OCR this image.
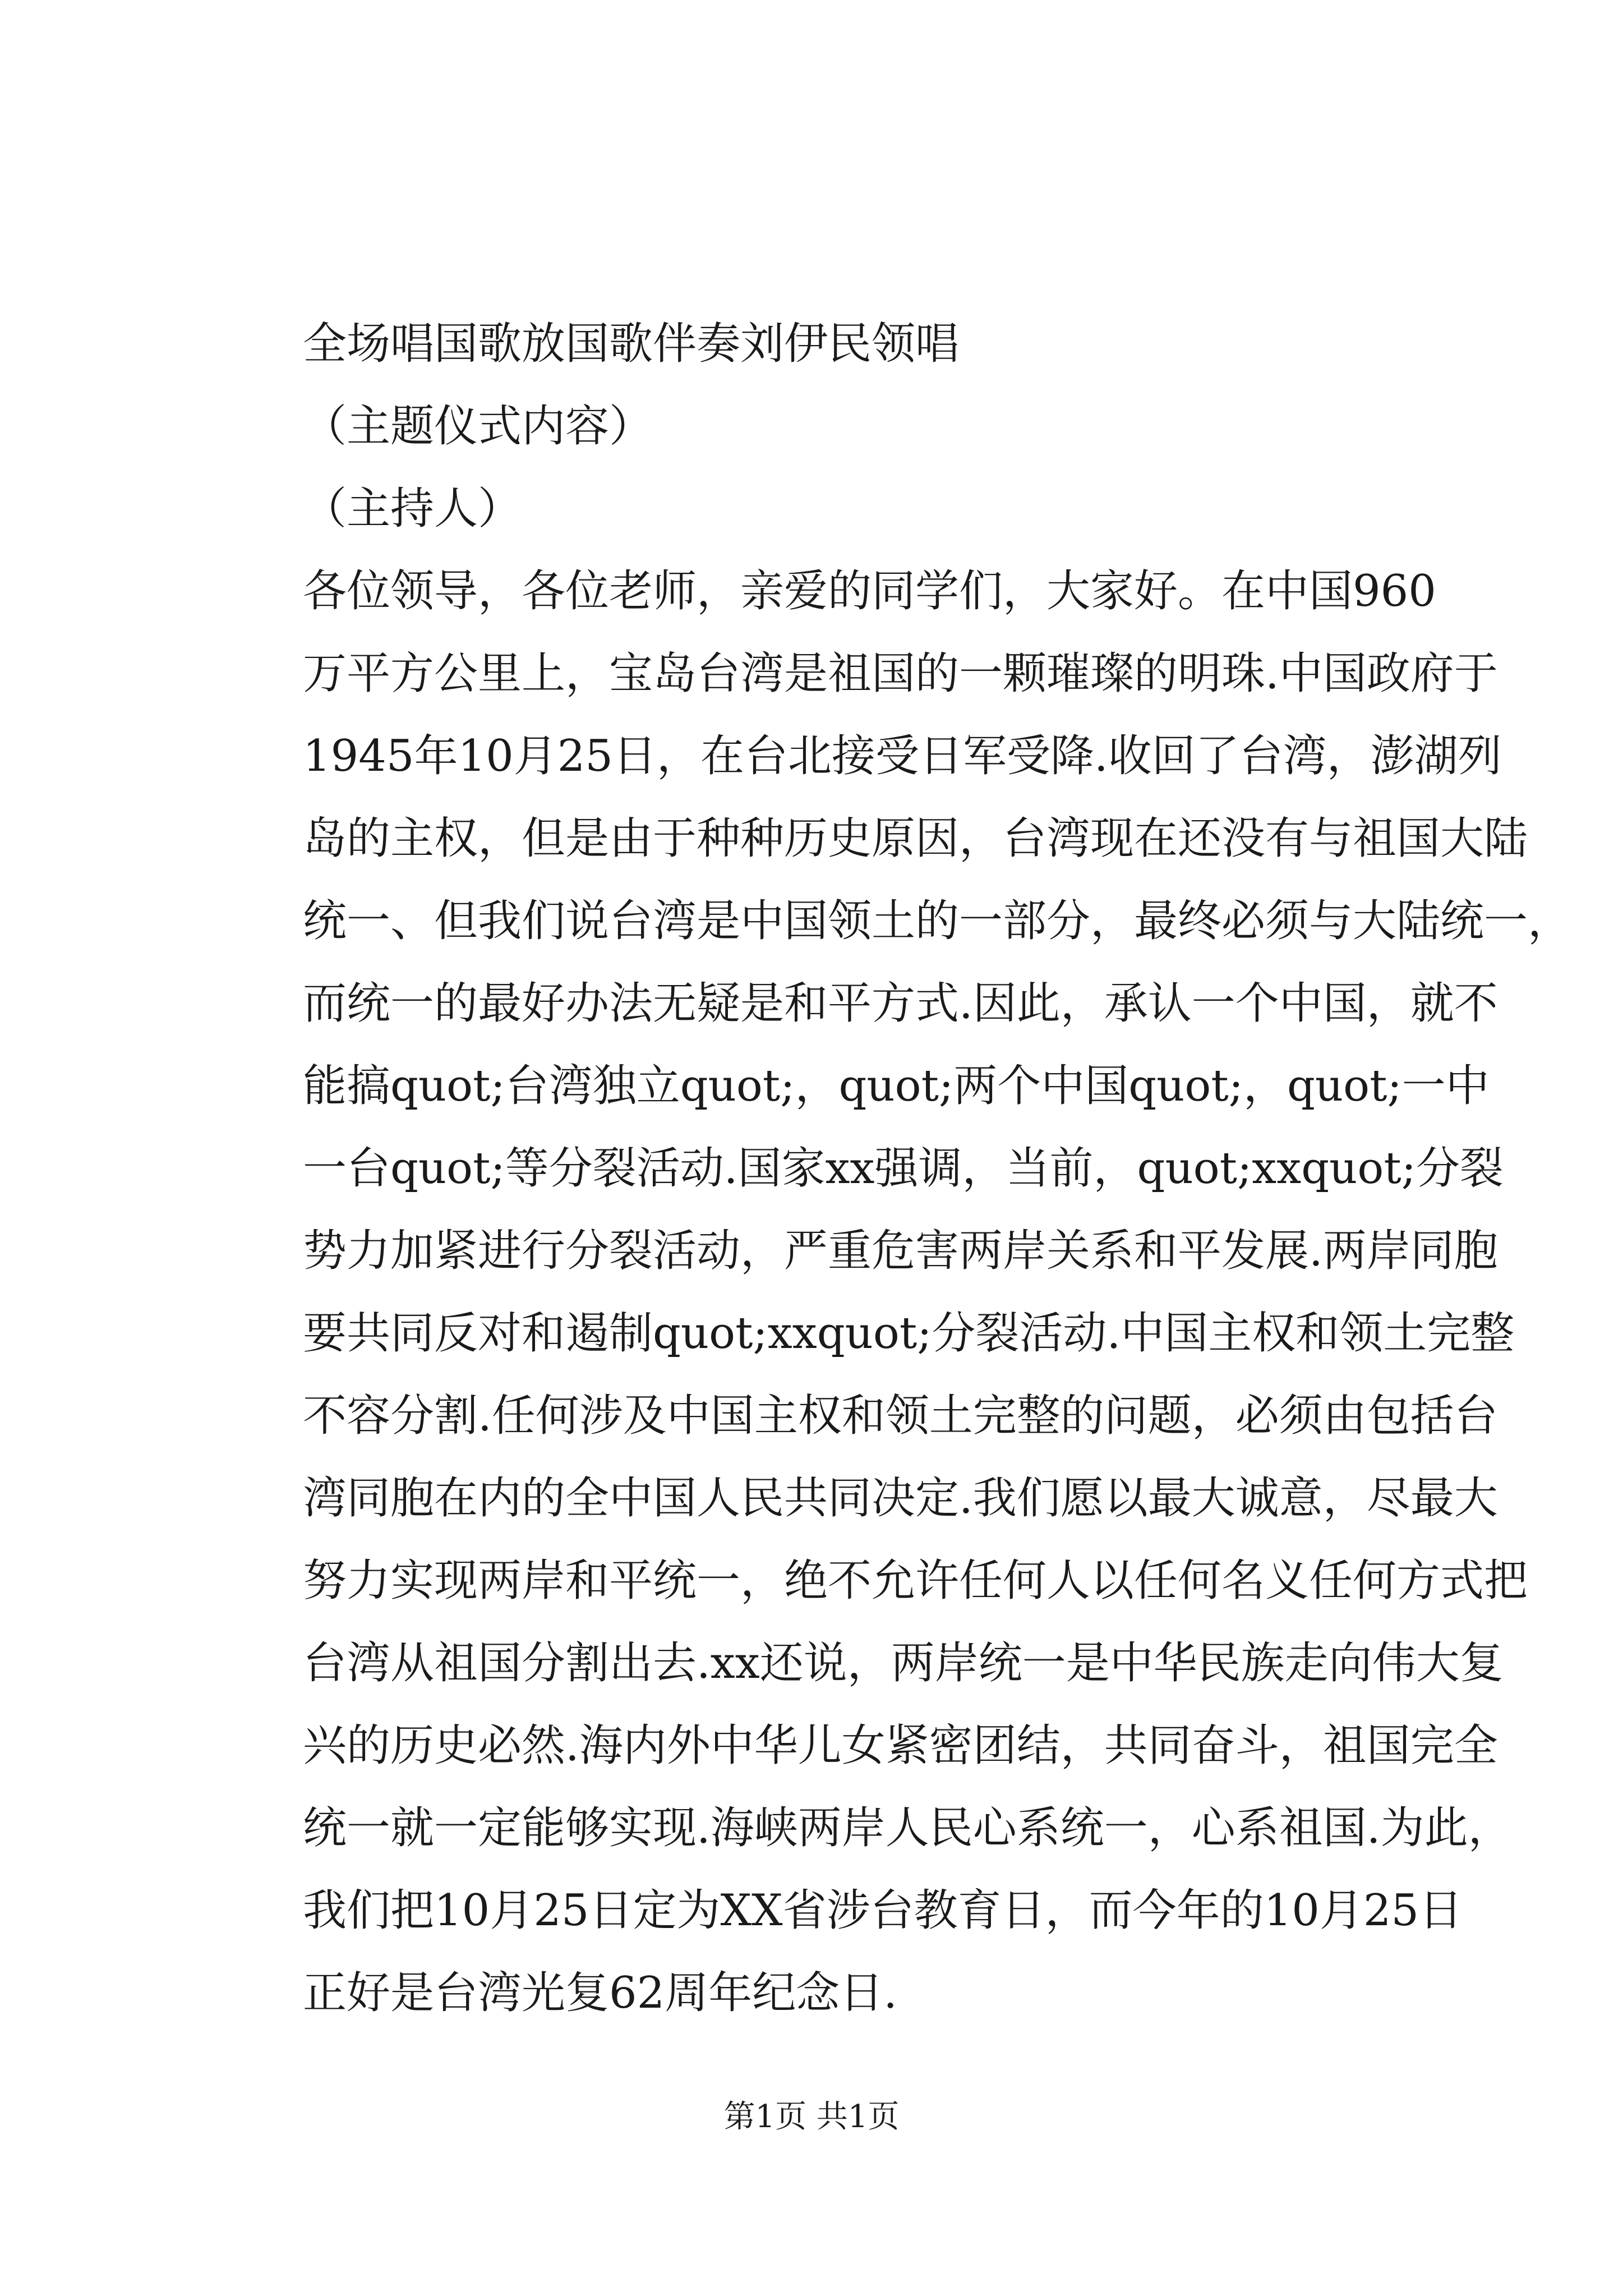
全场唱国歌放国歌伴奏刘伊民领唱
（主题仪式内容）
（主持人）
各位领导，各位老师，亲爱的同学们，大家好。在中国960
万平方公里上，宝岛台湾是祖国的一颗璀璨的明珠.中国政府于
1945年10月25日，在台北接受日军受降.收回了台湾，澎湖列
岛的主权，但是由于种种历史原因，台湾现在还没有与祖国大陆
统一、但我们说台湾是中国领土的一部分，最终必须与大陆统一，
而统一的最好办法无疑是和平方式.因此，承认一个中国，就不
能搞quot;台湾独立quot;，quot;两个中国quot;，quot;一中
一台quot;等分裂活动.国家xx强调，当前，quot;xxquot;分裂
势力加紧进行分裂活动，严重危害两岸关系和平发展.两岸同胞
要共同反对和遏制quot;xxquot;分裂活动.中国主权和领土完整
不容分割.任何涉及中国主权和领土完整的问题，必须由包括台
湾同胞在内的全中国人民共同决定.我们愿以最大诚意，尽最大
努力实现两岸和平统一，绝不允许任何人以任何名义任何方式把
台湾从祖国分割出去.xx还说，两岸统一是中华民族走向伟大复
兴的历史必然.海内外中华儿女紧密团结，共同奋斗，祖国完全
统一就一定能够实现.海峡两岸人民心系统一，心系祖国.为此，
我们把10月25日定为XX省涉台教育日，而今年的10月25日
正好是台湾光复62周年纪念日.
第1页 共1页
